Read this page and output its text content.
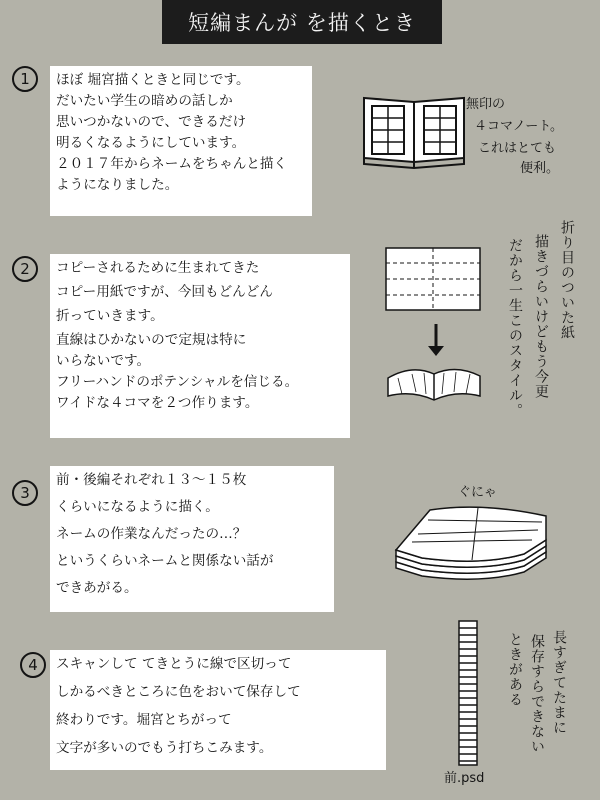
短編まんが を描くとき
1	ほぼ 堀宮描くときと同じです。
だいたい学生の暗めの話しか
思いつかないので、できるだけ
明るくなるようにしています。
２０１７年からネームをちゃんと描く
ようになりました。
無印の
４コマノート。
これはとても
便利。
2	コピーされるために生まれてきた
コピー用紙ですが、今回もどんどん
折っていきます。
直線はひかないので定規は特に
いらないです。
フリーハンドのポテンシャルを信じる。
ワイドな４コマを２つ作ります。
折り目のついた紙
描きづらいけどもう今更
だから一生このスタイル。
3
前・後編それぞれ１３～１５枚
くらいになるように描く。
ネームの作業なんだったの…？
というくらいネームと関係ない話が
できあがる。
ぐにゃ
4	スキャンして てきとうに線で区切って
しかるべきところに色をおいて保存して
終わりです。堀宮とちがって
文字が多いのでもう打ちこみます。
前.psd
長すぎてたまに
保存すらできない
ときがある
